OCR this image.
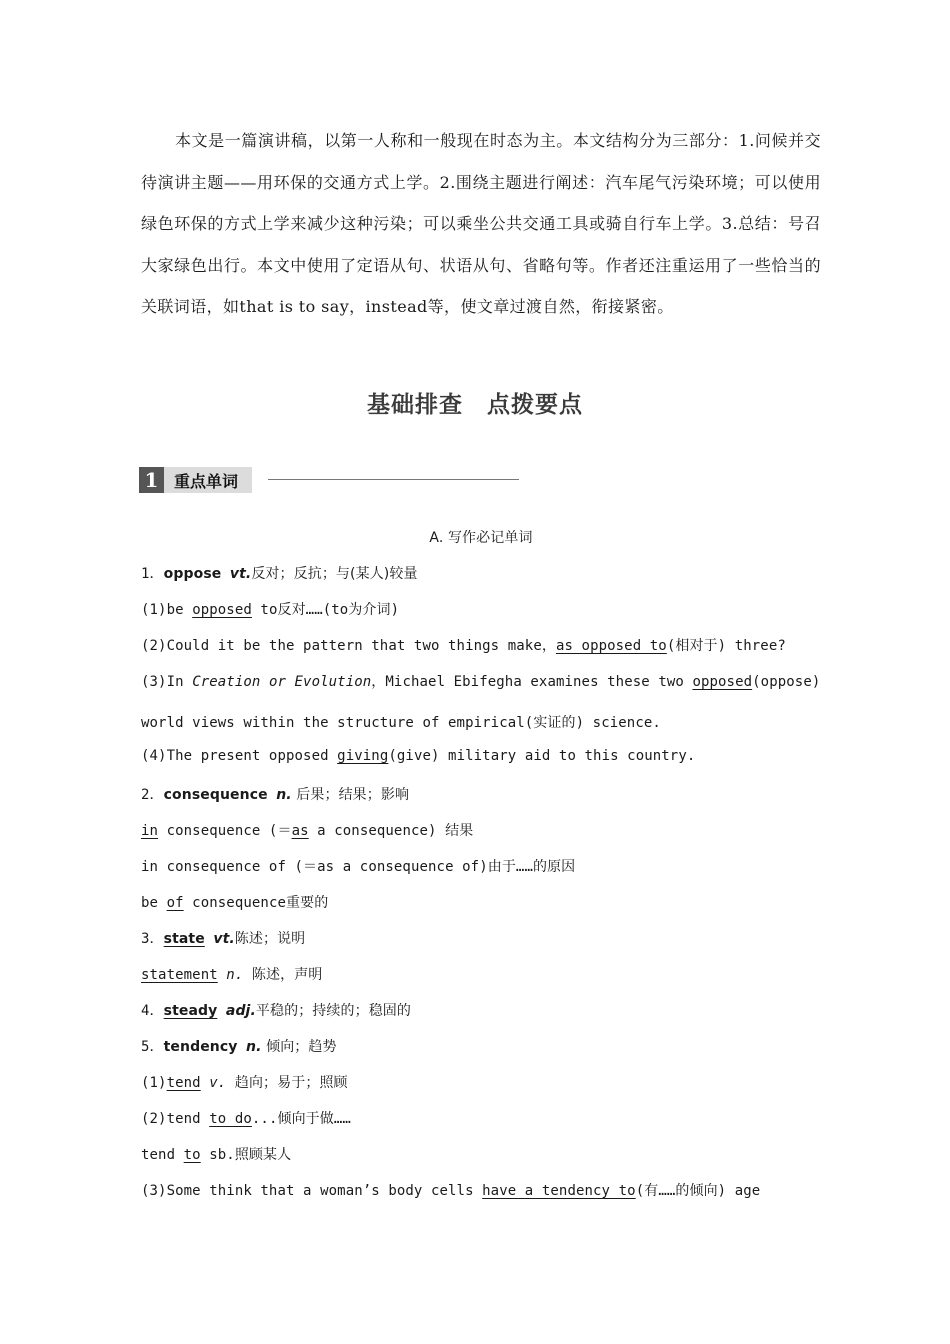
本文是一篇演讲稿，以第一人称和一般现在时态为主。本文结构分为三部分：1.问候并交待演讲主题——用环保的交通方式上学。2.围绕主题进行阐述：汽车尾气污染环境；可以使用绿色环保的方式上学来减少这种污染；可以乘坐公共交通工具或骑自行车上学。3.总结：号召大家绿色出行。本文中使用了定语从句、状语从句、省略句等。作者还注重运用了一些恰当的关联词语，如that is to say，instead等，使文章过渡自然，衔接紧密。

基础排查 点拨要点
1 重点单词
A. 写作必记单词
1．oppose vt.反对；反抗；与(某人)较量
(1)be opposed to反对……(to为介词)
(2)Could it be the pattern that two things make，as opposed to(相对于) three?
(3)In Creation or Evolution，Michael Ebifegha examines these two opposed(oppose)
world views within the structure of empirical(实证的) science.
(4)The present opposed giving(give) military aid to this country.
2．consequence n. 后果；结果；影响
in consequence (＝as a consequence) 结果
in consequence of (＝as a consequence of)由于……的原因
be of consequence重要的
3．state vt.陈述；说明
statement n. 陈述，声明
4．steady adj.平稳的；持续的；稳固的
5．tendency n. 倾向；趋势
(1)tend v. 趋向；易于；照顾
(2)tend to do...倾向于做……
tend to sb.照顾某人
(3)Some think that a woman’s body cells have a tendency to(有……的倾向) age
